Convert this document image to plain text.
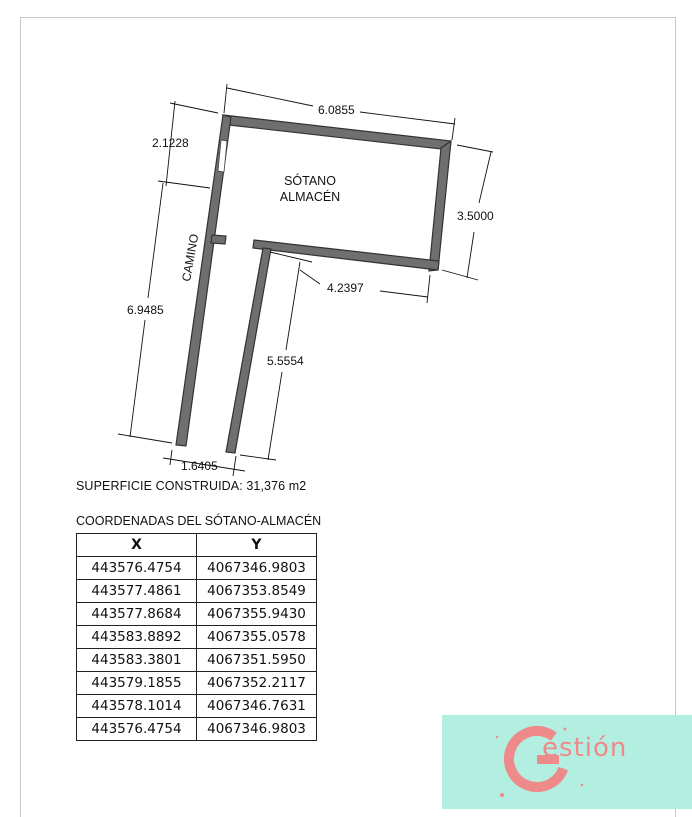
6.0855
2.1228
3.5000
4.2397
6.9485
5.5554
1.6405
SÓTANO
ALMACÉN
CAMINO
SUPERFICIE CONSTRUIDA: 31,376 m2
COORDENADAS DEL SÓTANO-ALMACÉN
X	Y
443576.4754	4067346.9803
443577.4861	4067353.8549
443577.8684	4067355.9430
443583.8892	4067355.0578
443583.3801	4067351.5950
443579.1855	4067352.2117
443578.1014	4067346.7631
443576.4754	4067346.9803
estión
